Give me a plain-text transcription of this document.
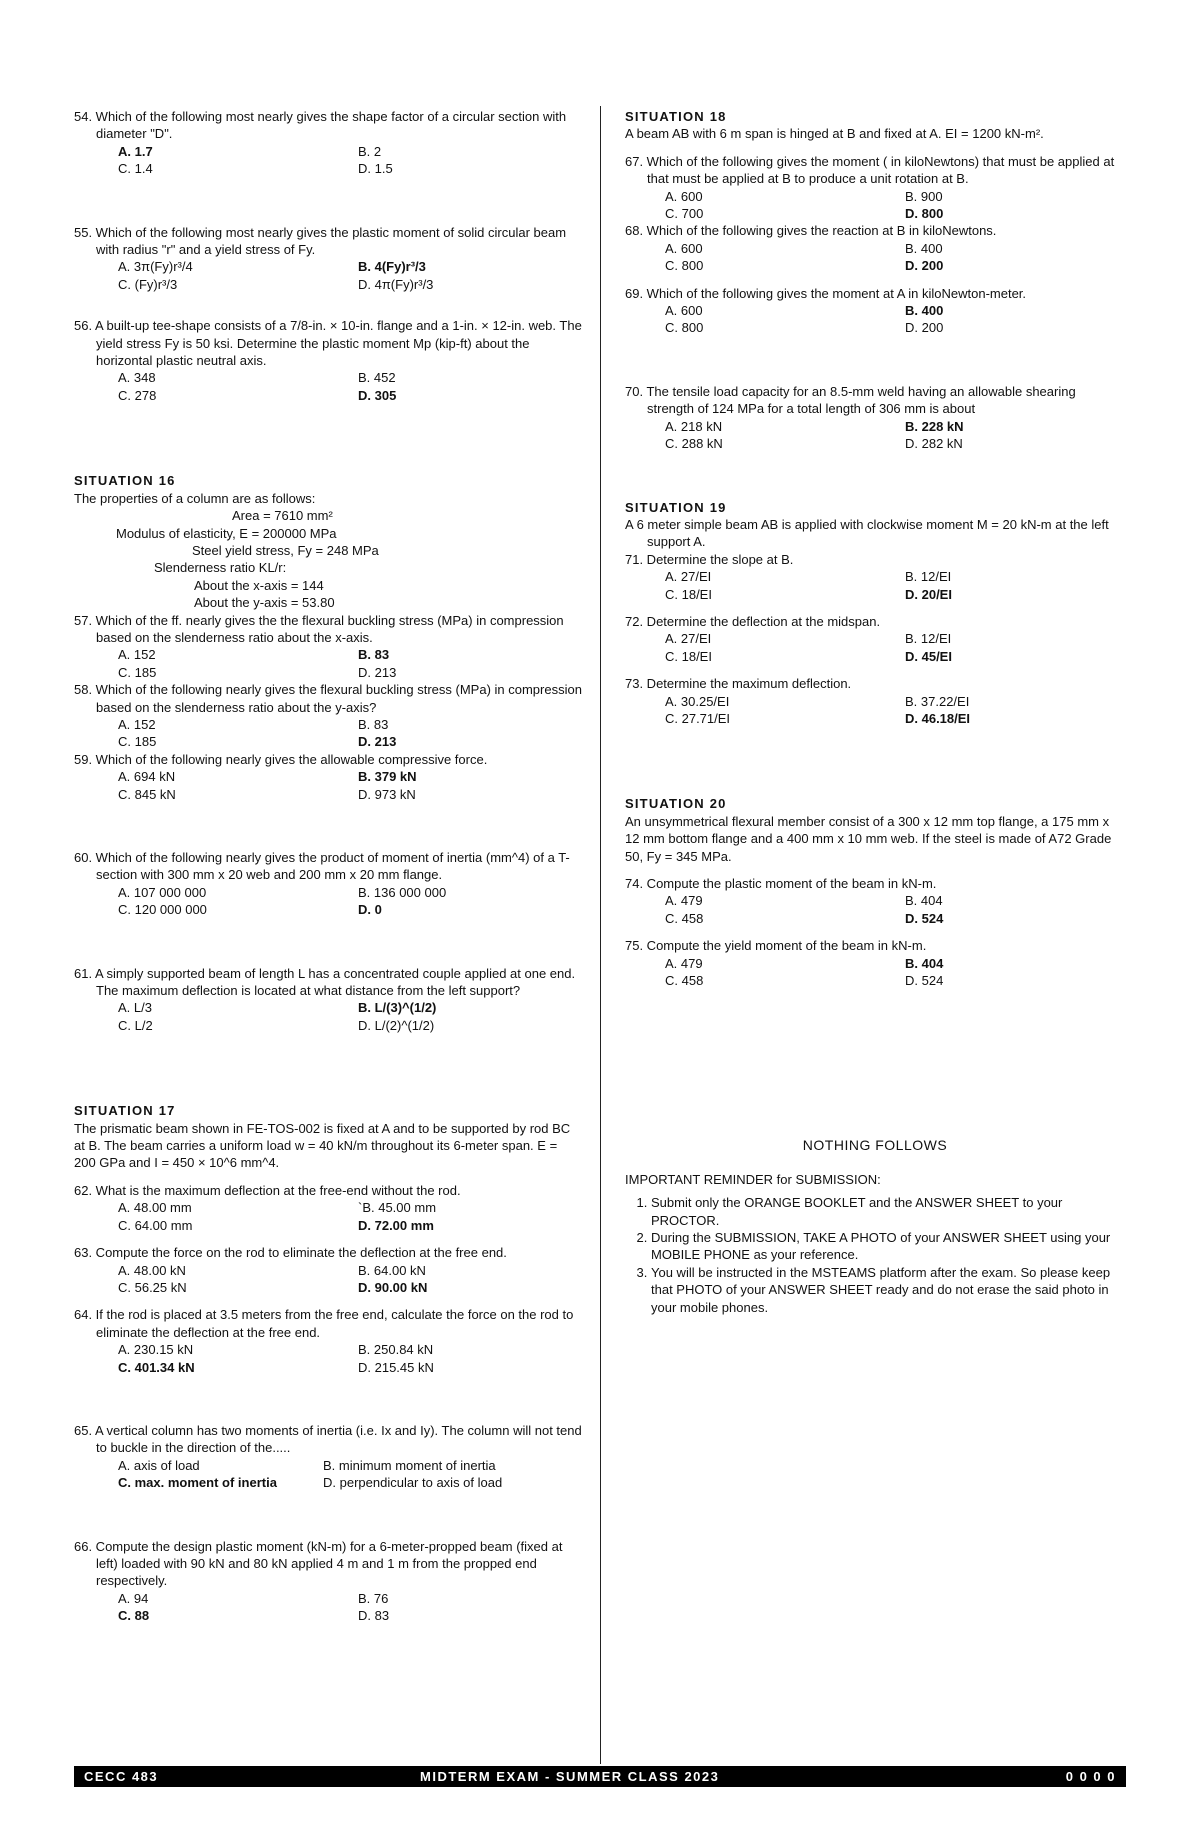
54. Which of the following most nearly gives the shape factor of a circular section with diameter "D".
A. 1.7	B. 2
C. 1.4	D. 1.5
55. Which of the following most nearly gives the plastic moment of solid circular beam with radius "r" and a yield stress of Fy.
A. 3π(Fy)r³/4	B. 4(Fy)r³/3
C. (Fy)r³/3	D. 4π(Fy)r³/3
56. A built-up tee-shape consists of a 7/8-in. × 10-in. flange and a 1-in. × 12-in. web. The yield stress Fy is 50 ksi. Determine the plastic moment Mp (kip-ft) about the horizontal plastic neutral axis.
A. 348	B. 452
C. 278	D. 305
SITUATION 16
The properties of a column are as follows:
Area = 7610 mm²
Modulus of elasticity, E = 200000 MPa
Steel yield stress, Fy = 248 MPa
Slenderness ratio KL/r:
About the x-axis = 144
About the y-axis = 53.80
57. Which of the ff. nearly gives the the flexural buckling stress (MPa) in compression based on the slenderness ratio about the x-axis.
A. 152	B. 83
C. 185	D. 213
58. Which of the following nearly gives the flexural buckling stress (MPa) in compression based on the slenderness ratio about the y-axis?
A. 152	B. 83
C. 185	D. 213
59. Which of the following nearly gives the allowable compressive force.
A. 694 kN	B. 379 kN
C. 845 kN	D. 973 kN
60. Which of the following nearly gives the product of moment of inertia (mm^4) of a T-section with 300 mm x 20 web and 200 mm x 20 mm flange.
A. 107 000 000	B. 136 000 000
C. 120 000 000	D. 0
61. A simply supported beam of length L has a concentrated couple applied at one end. The maximum deflection is located at what distance from the left support?
A. L/3	B. L/(3)^(1/2)
C. L/2	D. L/(2)^(1/2)
SITUATION 17
The prismatic beam shown in FE-TOS-002 is fixed at A and to be supported by rod BC at B. The beam carries a uniform load w = 40 kN/m throughout its 6-meter span. E = 200 GPa and I = 450 × 10^6 mm^4.
62. What is the maximum deflection at the free-end without the rod.
A. 48.00 mm	`B. 45.00 mm
C. 64.00 mm	D. 72.00 mm
63. Compute the force on the rod to eliminate the deflection at the free end.
A. 48.00 kN	B. 64.00 kN
C. 56.25 kN	D. 90.00 kN
64. If the rod is placed at 3.5 meters from the free end, calculate the force on the rod to eliminate the deflection at the free end.
A. 230.15 kN	B. 250.84 kN
C. 401.34 kN	D. 215.45 kN
65. A vertical column has two moments of inertia (i.e. Ix and Iy). The column will not tend to buckle in the direction of the.....
A. axis of load	B. minimum moment of inertia
C. max. moment of inertia	D. perpendicular to axis of load
66. Compute the design plastic moment (kN-m) for a 6-meter-propped beam (fixed at left) loaded with 90 kN and 80 kN applied 4 m and 1 m from the propped end respectively.
A. 94	B. 76
C. 88	D. 83
SITUATION 18
A beam AB with 6 m span is hinged at B and fixed at A. EI = 1200 kN-m².
67. Which of the following gives the moment ( in kiloNewtons) that must be applied at that must be applied at B to produce a unit rotation at B.
A. 600	B. 900
C. 700	D. 800
68. Which of the following gives the reaction at B in kiloNewtons.
A. 600	B. 400
C. 800	D. 200
69. Which of the following gives the moment at A in kiloNewton-meter.
A. 600	B. 400
C. 800	D. 200
70. The tensile load capacity for an 8.5-mm weld having an allowable shearing strength of 124 MPa for a total length of 306 mm is about
A. 218 kN	B. 228 kN
C. 288 kN	D. 282 kN
SITUATION 19
A 6 meter simple beam AB is applied with clockwise moment M = 20 kN-m at the left support A.
71. Determine the slope at B.
A. 27/EI	B. 12/EI
C. 18/EI	D. 20/EI
72. Determine the deflection at the midspan.
A. 27/EI	B. 12/EI
C. 18/EI	D. 45/EI
73. Determine the maximum deflection.
A. 30.25/EI	B. 37.22/EI
C. 27.71/EI	D. 46.18/EI
SITUATION 20
An unsymmetrical flexural member consist of a 300 x 12 mm top flange, a 175 mm x 12 mm bottom flange and a 400 mm x 10 mm web. If the steel is made of A72 Grade 50, Fy = 345 MPa.
74. Compute the plastic moment of the beam in kN-m.
A. 479	B. 404
C. 458	D. 524
75. Compute the yield moment of the beam in kN-m.
A. 479	B. 404
C. 458	D. 524
NOTHING FOLLOWS
IMPORTANT REMINDER for SUBMISSION:
1. Submit only the ORANGE BOOKLET and the ANSWER SHEET to your PROCTOR.
2. During the SUBMISSION, TAKE A PHOTO of your ANSWER SHEET using your MOBILE PHONE as your reference.
3. You will be instructed in the MSTEAMS platform after the exam. So please keep that PHOTO of your ANSWER SHEET ready and do not erase the said photo in your mobile phones.
CECC 483	MIDTERM EXAM - SUMMER CLASS 2023	0 0 0 0
